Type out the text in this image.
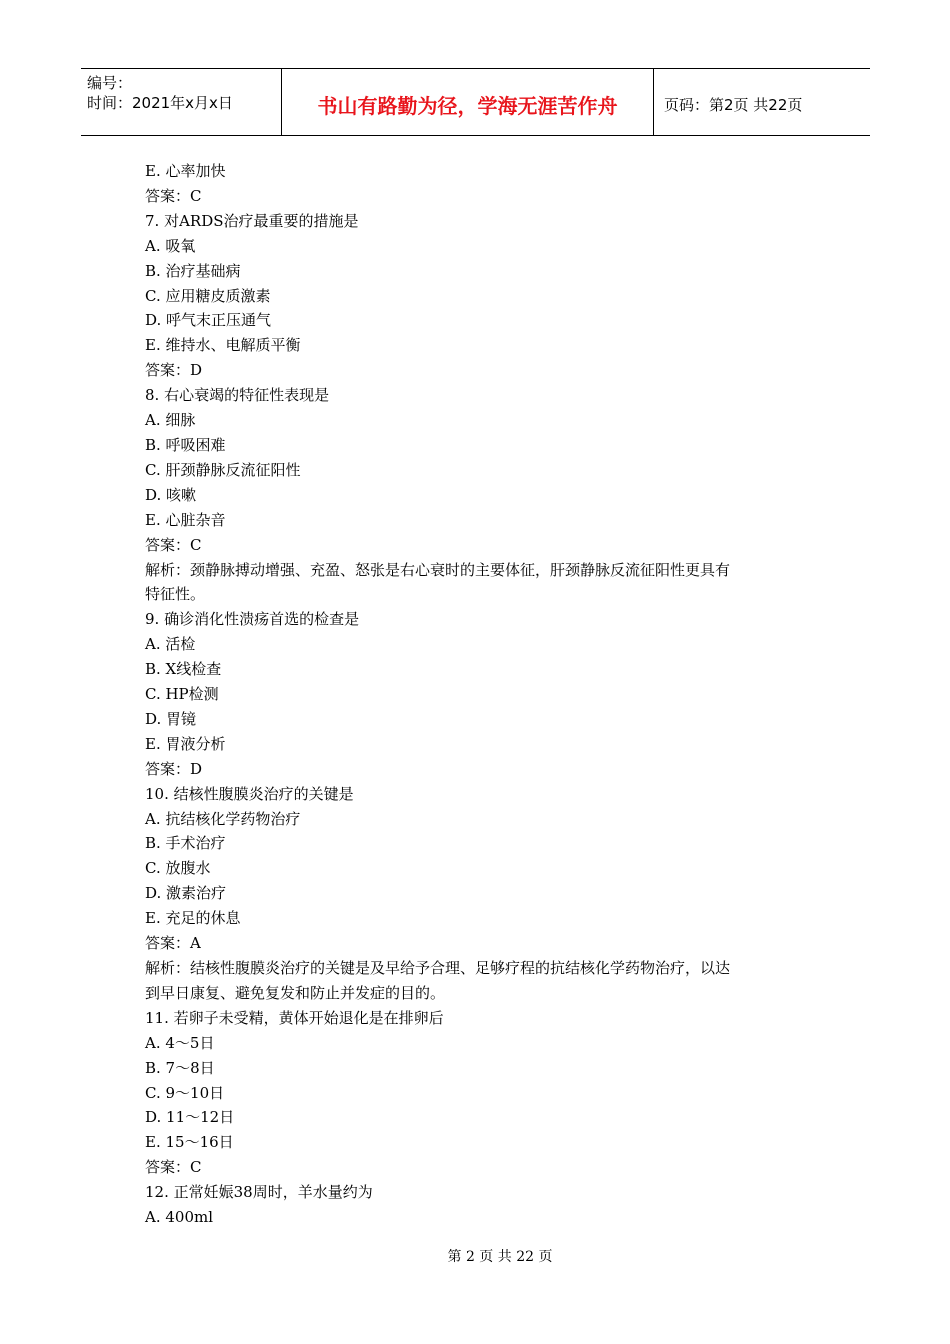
编号：
时间：2021年x月x日	书山有路勤为径，学海无涯苦作舟	页码：第2页 共22页

E. 心率加快

答案：C

7. 对ARDS治疗最重要的措施是

A. 吸氧

B. 治疗基础病

C. 应用糖皮质激素

D. 呼气末正压通气

E. 维持水、电解质平衡

答案：D

8. 右心衰竭的特征性表现是

A. 细脉

B. 呼吸困难

C. 肝颈静脉反流征阳性

D. 咳嗽

E. 心脏杂音

答案：C

解析：颈静脉搏动增强、充盈、怒张是右心衰时的主要体征，肝颈静脉反流征阳性更具有

特征性。

9. 确诊消化性溃疡首选的检查是

A. 活检

B. X线检查

C. HP检测

D. 胃镜

E. 胃液分析

答案：D

10. 结核性腹膜炎治疗的关键是

A. 抗结核化学药物治疗

B. 手术治疗

C. 放腹水

D. 激素治疗

E. 充足的休息

答案：A

解析：结核性腹膜炎治疗的关键是及早给予合理、足够疗程的抗结核化学药物治疗，以达

到早日康复、避免复发和防止并发症的目的。

11. 若卵子未受精，黄体开始退化是在排卵后

A. 4～5日

B. 7～8日

C. 9～10日

D. 11～12日

E. 15～16日

答案：C

12. 正常妊娠38周时，羊水量约为

A. 400ml

第 2 页 共 22 页
